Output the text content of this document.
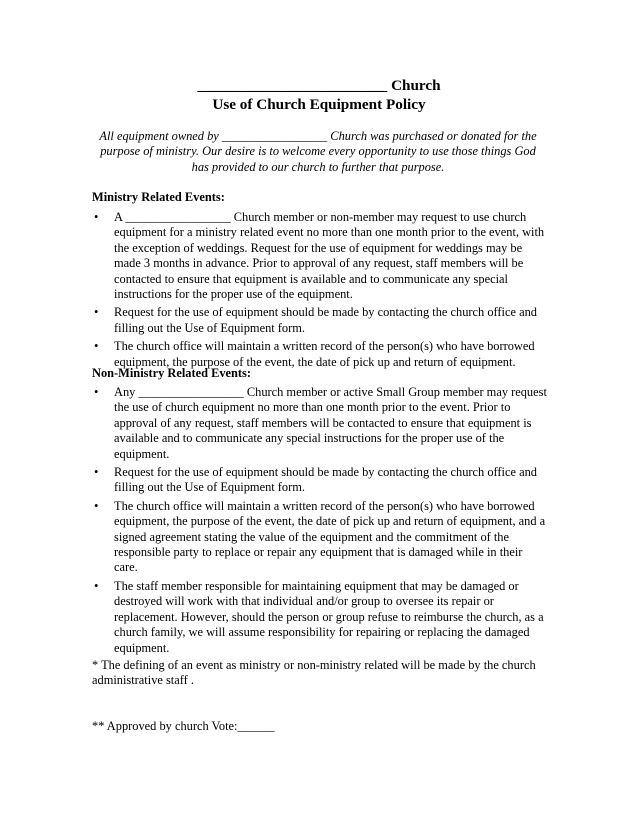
_________________________ Church
Use of Church Equipment Policy
All equipment owned by _________________ Church was purchased or donated for the purpose of ministry. Our desire is to welcome every opportunity to use those things God has provided to our church to further that purpose.
Ministry Related Events:
• A _________________ Church member or non-member may request to use church equipment for a ministry related event no more than one month prior to the event, with the exception of weddings. Request for the use of equipment for weddings may be made 3 months in advance. Prior to approval of any request, staff members will be contacted to ensure that equipment is available and to communicate any special instructions for the proper use of the equipment.
• Request for the use of equipment should be made by contacting the church office and filling out the Use of Equipment form.
• The church office will maintain a written record of the person(s) who have borrowed equipment, the purpose of the event, the date of pick up and return of equipment.
Non-Ministry Related Events:
• Any _________________ Church member or active Small Group member may request the use of church equipment no more than one month prior to the event. Prior to approval of any request, staff members will be contacted to ensure that equipment is available and to communicate any special instructions for the proper use of the equipment.
• Request for the use of equipment should be made by contacting the church office and filling out the Use of Equipment form.
• The church office will maintain a written record of the person(s) who have borrowed equipment, the purpose of the event, the date of pick up and return of equipment, and a signed agreement stating the value of the equipment and the commitment of the responsible party to replace or repair any equipment that is damaged while in their care.
• The staff member responsible for maintaining equipment that may be damaged or destroyed will work with that individual and/or group to oversee its repair or replacement. However, should the person or group refuse to reimburse the church, as a church family, we will assume responsibility for repairing or replacing the damaged equipment.
* The defining of an event as ministry or non-ministry related will be made by the church administrative staff .
** Approved by church Vote:______
